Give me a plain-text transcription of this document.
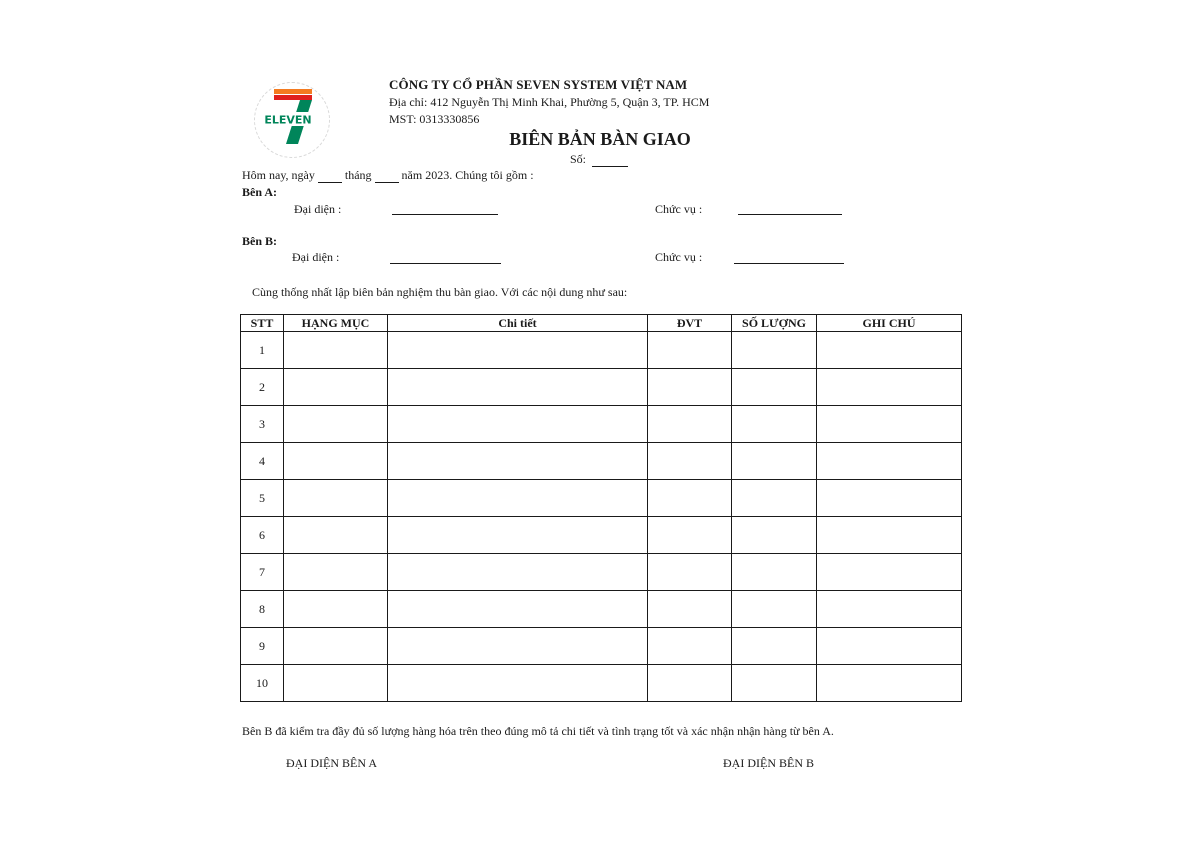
ELEVEN
CÔNG TY CỔ PHẦN SEVEN SYSTEM VIỆT NAM
Địa chỉ: 412 Nguyễn Thị Minh Khai, Phường 5, Quận 3, TP. HCM
MST: 0313330856
BIÊN BẢN BÀN GIAO
Số:
Hôm nay, ngày	tháng	năm 2023. Chúng tôi gồm :
Bên A:
Đại diện :	Chức vụ :
Bên B:
Đại diện :	Chức vụ :
Cùng thống nhất lập biên bản nghiệm thu bàn giao. Với các nội dung như sau:
STT	HẠNG MỤC	Chi tiết	ĐVT	SỐ LƯỢNG	GHI CHÚ
1					
2					
3					
4					
5					
6					
7					
8					
9					
10					
Bên B đã kiểm tra đầy đủ số lượng hàng hóa trên theo đúng mô tả chi tiết và tình trạng tốt và xác nhận nhận hàng từ bên A.
ĐẠI DIỆN BÊN A	ĐẠI DIỆN BÊN B
